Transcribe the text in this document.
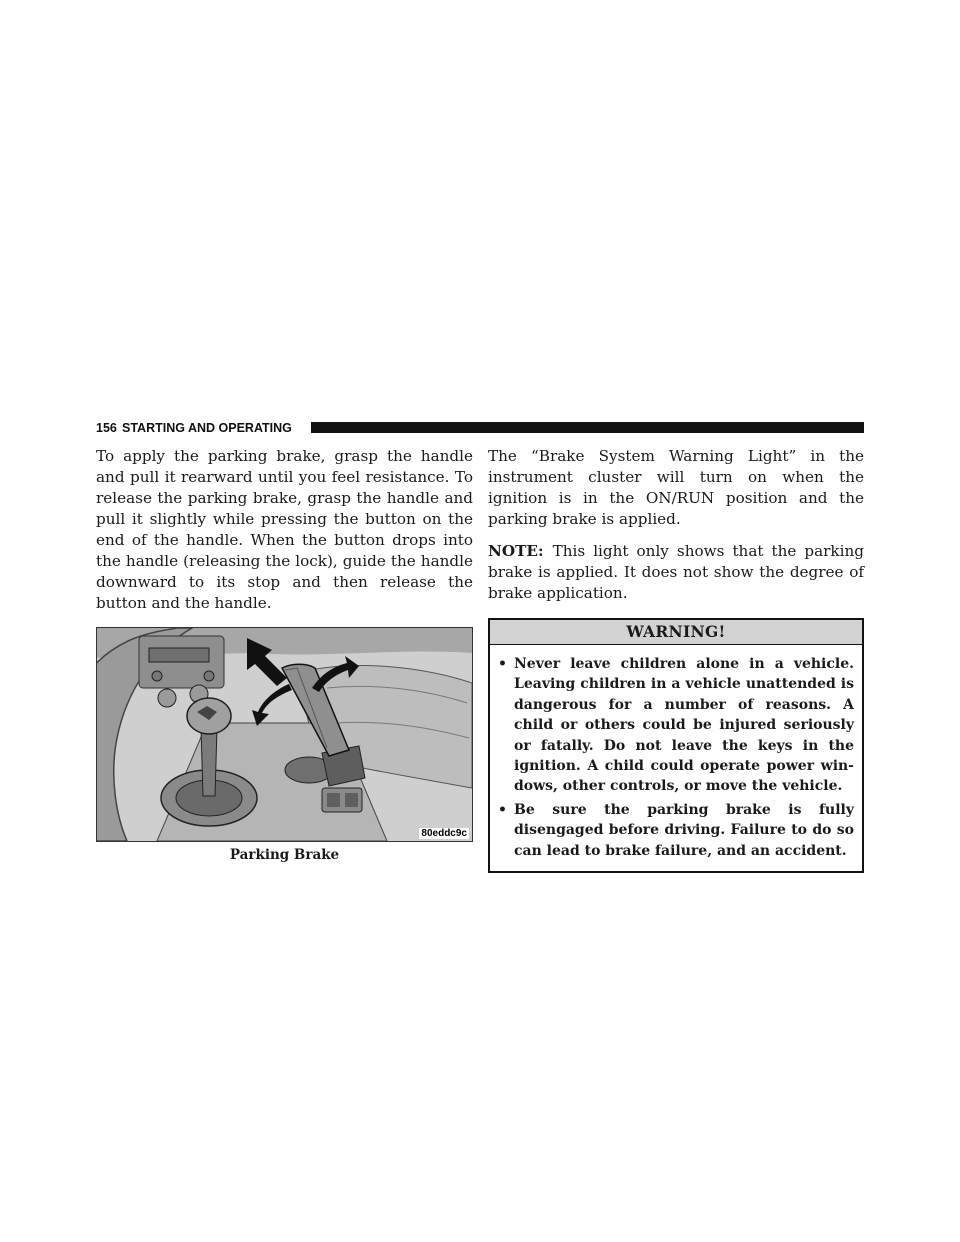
156 STARTING AND OPERATING

To apply the parking brake, grasp the handle and pull it rearward until you feel resistance. To release the parking brake, grasp the handle and pull it slightly while pressing the button on the end of the handle. When the button drops into the handle (releasing the lock), guide the handle downward to its stop and then release the button and the handle.

80eddc9c
Parking Brake

The “Brake System Warning Light” in the instrument cluster will turn on when the ignition is in the ON/RUN position and the parking brake is applied.

NOTE: This light only shows that the parking brake is applied. It does not show the degree of brake application.

WARNING!
• Never leave children alone in a vehicle. Leaving children in a vehicle unattended is dangerous for a number of reasons. A child or others could be injured seriously or fatally. Do not leave the keys in the ignition. A child could operate power win- dows, other controls, or move the vehicle.
• Be sure the parking brake is fully disengaged before driving. Failure to do so can lead to brake failure, and an accident.
